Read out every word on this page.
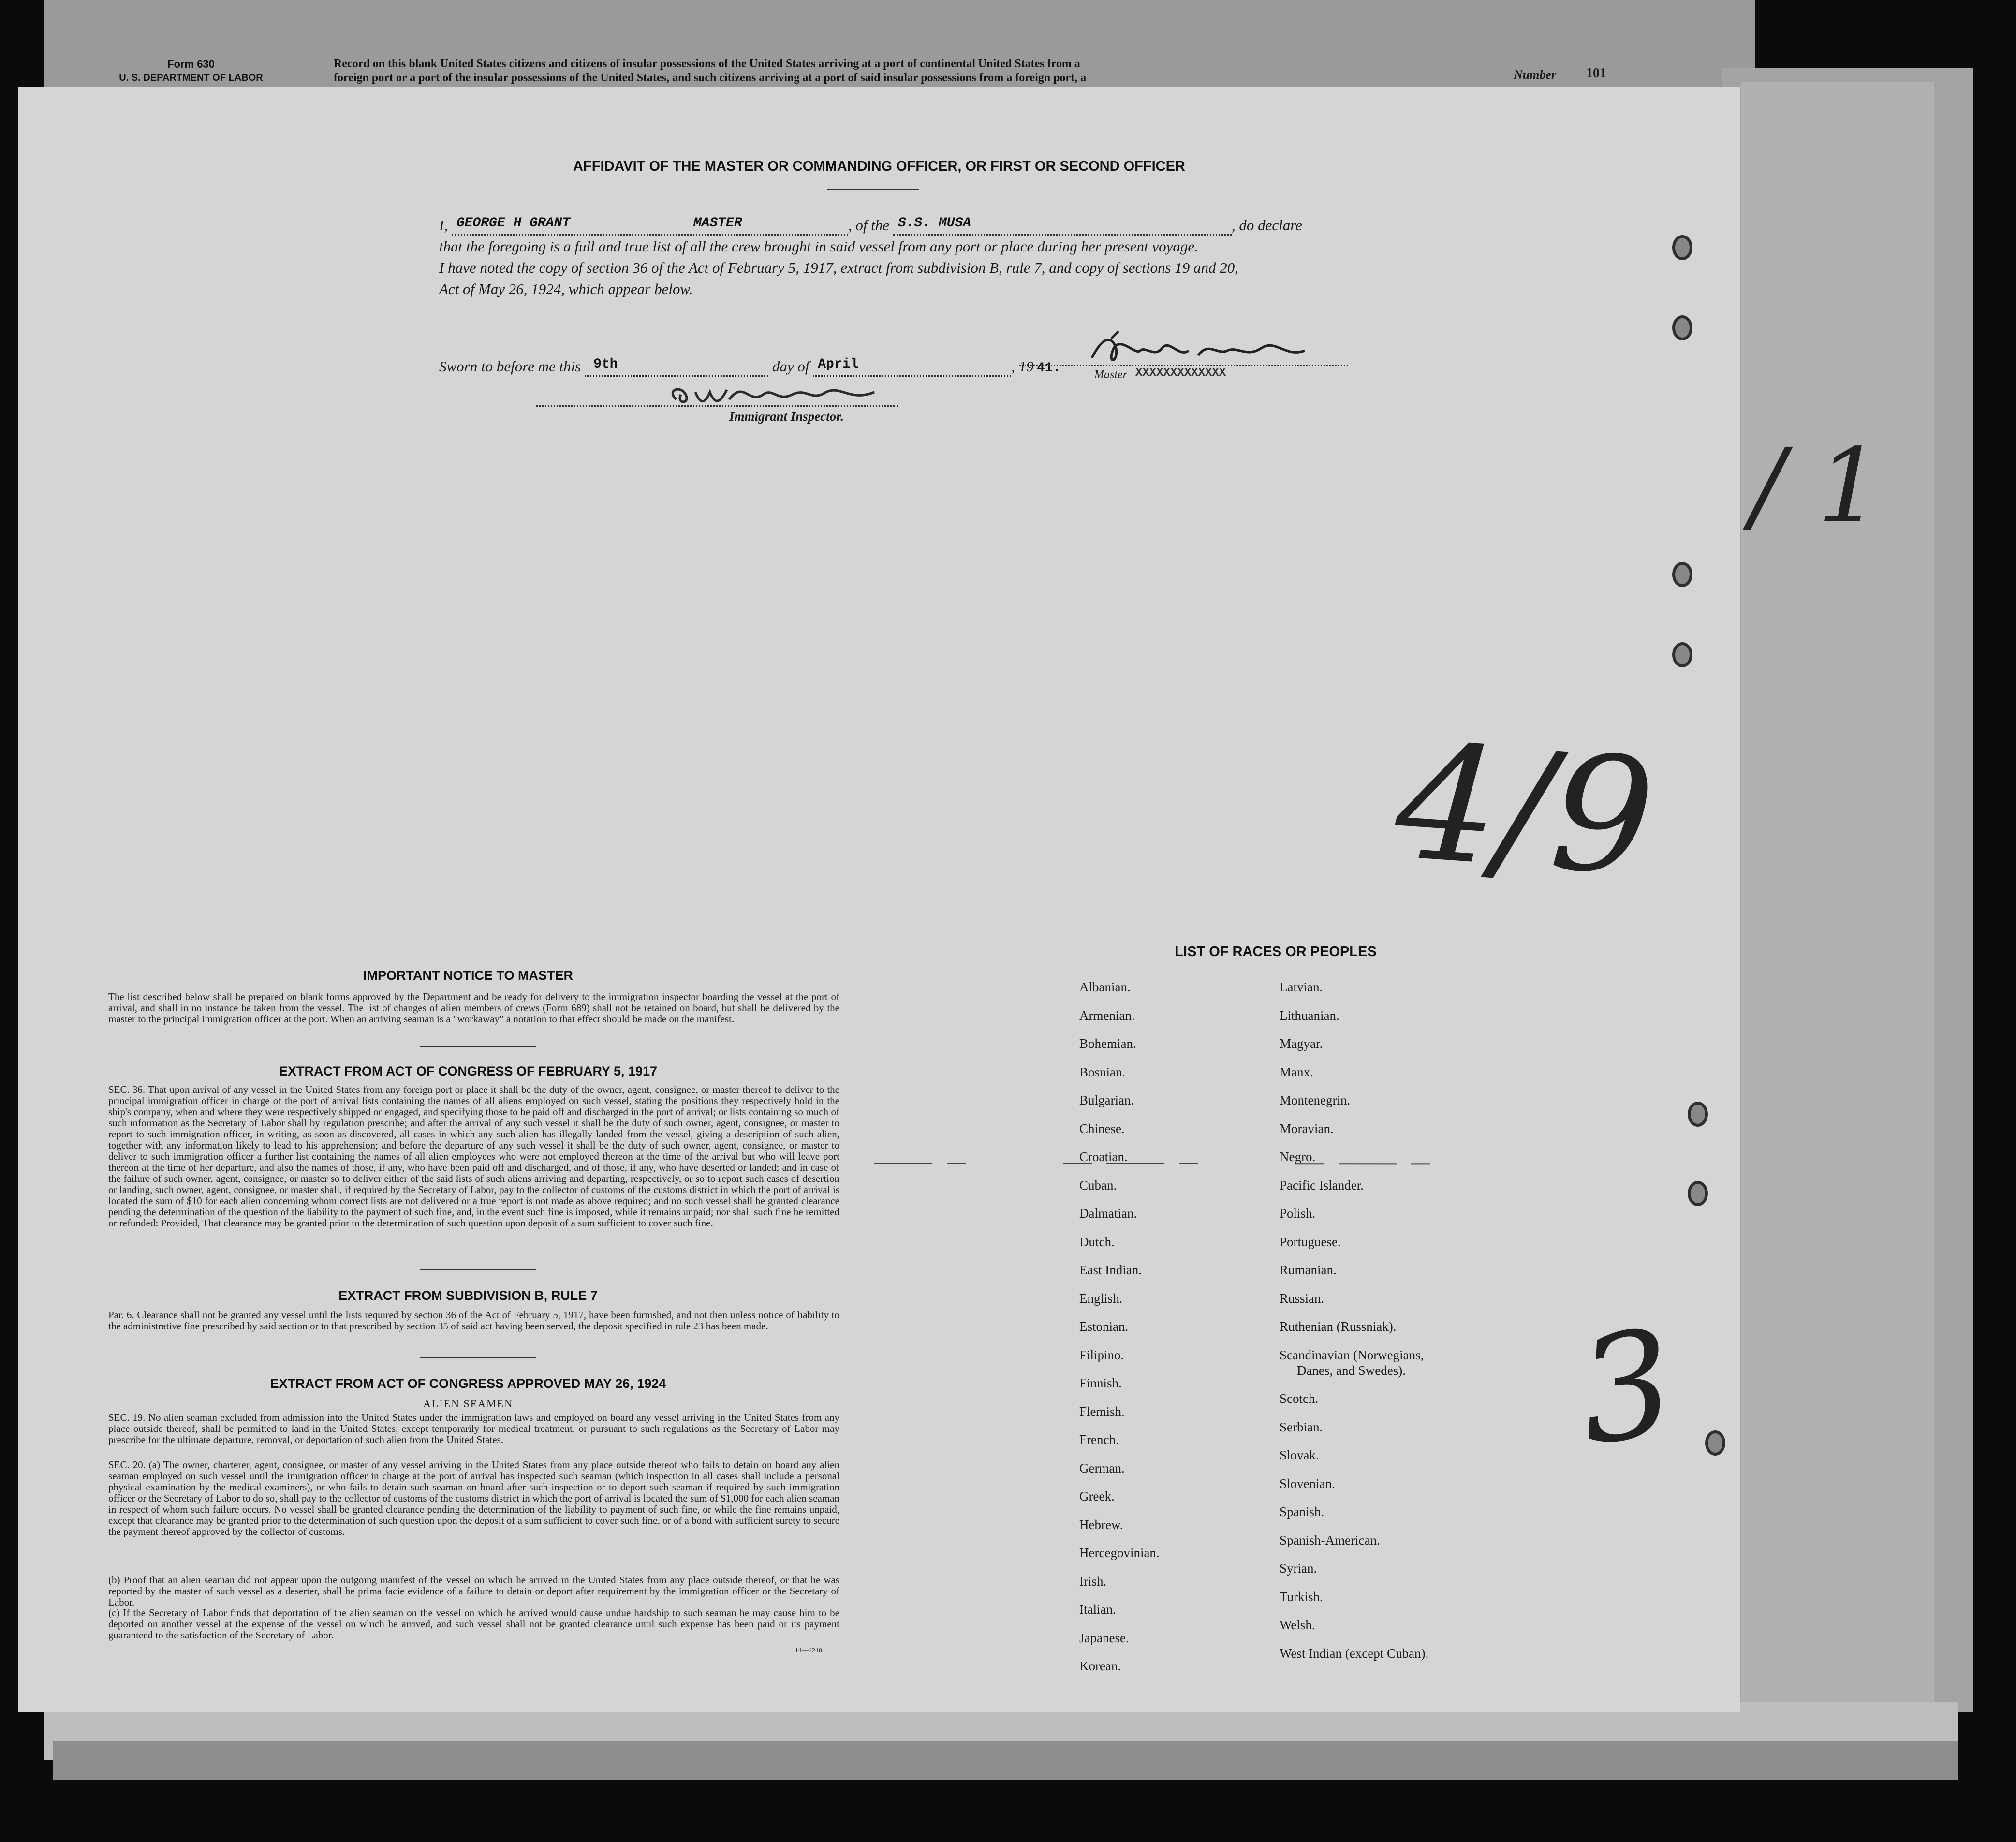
Form 630
U. S. DEPARTMENT OF LABOR
Record on this blank United States citizens and citizens of insular possessions of the United States arriving at a port of continental United States from a
foreign port or a port of the insular possessions of the United States, and such citizens arriving at a port of said insular possessions from a foreign port, a	Number 101
AFFIDAVIT OF THE MASTER OR COMMANDING OFFICER, OR FIRST OR SECOND OFFICER
I, GEORGE H GRANT	MASTER	, of the S.S. MUSA	, do declare
that the foregoing is a full and true list of all the crew brought in said vessel from any port or place during her present voyage.
I have noted the copy of section 36 of the Act of February 5, 1917, extract from subdivision B, rule 7, and copy of sections 19 and 20,
Act of May 26, 1924, which appear below.
Master XXXXXXXXXXXXX
Sworn to before me this 9th	day of April	, 19 41.
Immigrant Inspector.
4/9
3
IMPORTANT NOTICE TO MASTER
The list described below shall be prepared on blank forms approved by the Department and be ready for delivery to the immigration inspector boarding the vessel at the port of arrival, and shall in no instance be taken from the vessel. The list of changes of alien members of crews (Form 689) shall not be retained on board, but shall be delivered by the master to the principal immigration officer at the port. When an arriving seaman is a "workaway" a notation to that effect should be made on the manifest.
EXTRACT FROM ACT OF CONGRESS OF FEBRUARY 5, 1917
SEC. 36. That upon arrival of any vessel in the United States from any foreign port or place it shall be the duty of the owner, agent, consignee, or master thereof to deliver to the principal immigration officer in charge of the port of arrival lists containing the names of all aliens employed on such vessel, stating the positions they respectively hold in the ship's company, when and where they were respectively shipped or engaged, and specifying those to be paid off and discharged in the port of arrival; or lists containing so much of such information as the Secretary of Labor shall by regulation prescribe; and after the arrival of any such vessel it shall be the duty of such owner, agent, consignee, or master to report to such immigration officer, in writing, as soon as discovered, all cases in which any such alien has illegally landed from the vessel, giving a description of such alien, together with any information likely to lead to his apprehension; and before the departure of any such vessel it shall be the duty of such owner, agent, consignee, or master to deliver to such immigration officer a further list containing the names of all alien employees who were not employed thereon at the time of the arrival but who will leave port thereon at the time of her departure, and also the names of those, if any, who have been paid off and discharged, and of those, if any, who have deserted or landed; and in case of the failure of such owner, agent, consignee, or master so to deliver either of the said lists of such aliens arriving and departing, respectively, or so to report such cases of desertion or landing, such owner, agent, consignee, or master shall, if required by the Secretary of Labor, pay to the collector of customs of the customs district in which the port of arrival is located the sum of $10 for each alien concerning whom correct lists are not delivered or a true report is not made as above required; and no such vessel shall be granted clearance pending the determination of the question of the liability to the payment of such fine, and, in the event such fine is imposed, while it remains unpaid; nor shall such fine be remitted or refunded: Provided, That clearance may be granted prior to the determination of such question upon deposit of a sum sufficient to cover such fine.
EXTRACT FROM SUBDIVISION B, RULE 7
Par. 6. Clearance shall not be granted any vessel until the lists required by section 36 of the Act of February 5, 1917, have been furnished, and not then unless notice of liability to the administrative fine prescribed by said section or to that prescribed by section 35 of said act having been served, the deposit specified in rule 23 has been made.
EXTRACT FROM ACT OF CONGRESS APPROVED MAY 26, 1924
ALIEN SEAMEN
SEC. 19. No alien seaman excluded from admission into the United States under the immigration laws and employed on board any vessel arriving in the United States from any place outside thereof, shall be permitted to land in the United States, except temporarily for medical treatment, or pursuant to such regulations as the Secretary of Labor may prescribe for the ultimate departure, removal, or deportation of such alien from the United States.
SEC. 20. (a) The owner, charterer, agent, consignee, or master of any vessel arriving in the United States from any place outside thereof who fails to detain on board any alien seaman employed on such vessel until the immigration officer in charge at the port of arrival has inspected such seaman (which inspection in all cases shall include a personal physical examination by the medical examiners), or who fails to detain such seaman on board after such inspection or to deport such seaman if required by such immigration officer or the Secretary of Labor to do so, shall pay to the collector of customs of the customs district in which the port of arrival is located the sum of $1,000 for each alien seaman in respect of whom such failure occurs. No vessel shall be granted clearance pending the determination of the liability to payment of such fine, or while the fine remains unpaid, except that clearance may be granted prior to the determination of such question upon the deposit of a sum sufficient to cover such fine, or of a bond with sufficient surety to secure the payment thereof approved by the collector of customs.
(b) Proof that an alien seaman did not appear upon the outgoing manifest of the vessel on which he arrived in the United States from any place outside thereof, or that he was reported by the master of such vessel as a deserter, shall be prima facie evidence of a failure to detain or deport after requirement by the immigration officer or the Secretary of Labor.
(c) If the Secretary of Labor finds that deportation of the alien seaman on the vessel on which he arrived would cause undue hardship to such seaman he may cause him to be deported on another vessel at the expense of the vessel on which he arrived, and such vessel shall not be granted clearance until such expense has been paid or its payment guaranteed to the satisfaction of the Secretary of Labor.
14—1240
LIST OF RACES OR PEOPLES
Albanian.
Armenian.
Bohemian.
Bosnian.
Bulgarian.
Chinese.
Croatian.
Cuban.
Dalmatian.
Dutch.
East Indian.
English.
Estonian.
Filipino.
Finnish.
Flemish.
French.
German.
Greek.
Hebrew.
Hercegovinian.
Irish.
Italian.
Japanese.
Korean.
Latvian.
Lithuanian.
Magyar.
Manx.
Montenegrin.
Moravian.
Negro.
Pacific Islander.
Polish.
Portuguese.
Rumanian.
Russian.
Ruthenian (Russniak).
Scandinavian (Norwegians,
Danes, and Swedes).
Scotch.
Serbian.
Slovak.
Slovenian.
Spanish.
Spanish-American.
Syrian.
Turkish.
Welsh.
West Indian (except Cuban).
/ 1
